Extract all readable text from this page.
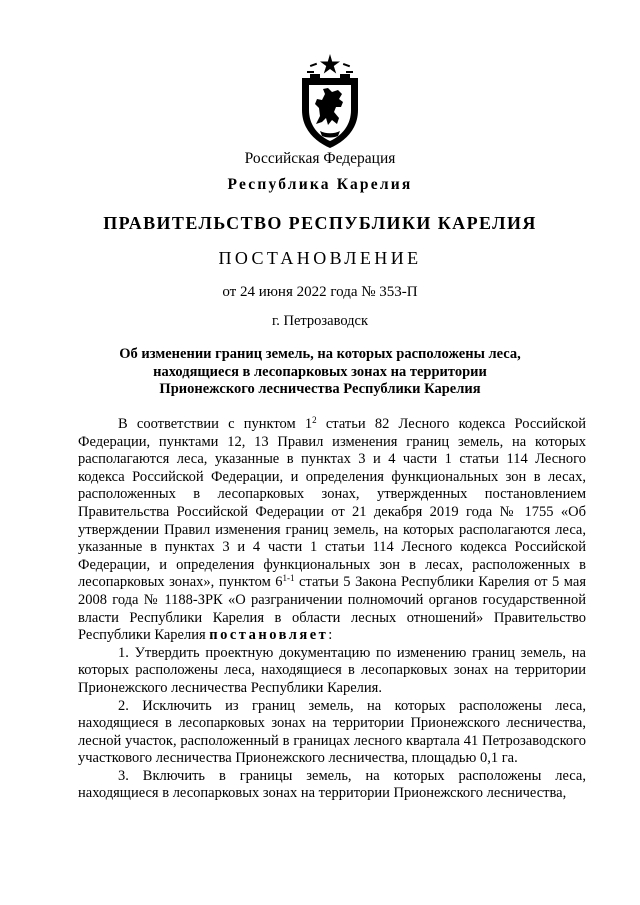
Российская Федерация
Республика Карелия
ПРАВИТЕЛЬСТВО РЕСПУБЛИКИ КАРЕЛИЯ
ПОСТАНОВЛЕНИЕ
от 24 июня 2022 года № 353-П
г. Петрозаводск
Об изменении границ земель, на которых расположены леса,
находящиеся в лесопарковых зонах на территории
Прионежского лесничества Республики Карелия

В соответствии с пунктом $1^2$ статьи 82 Лесного кодекса Российской Федерации, пунктами 12, 13 Правил изменения границ земель, на которых располагаются леса, указанные в пунктах 3 и 4 части 1 статьи 114 Лесного кодекса Российской Федерации, и определения функциональных зон в лесах, расположенных в лесопарковых зонах, утвержденных постановлением Правительства Российской Федерации от 21 декабря 2019 года № 1755 «Об утверждении Правил изменения границ земель, на которых располагаются леса, указанные в пунктах 3 и 4 части 1 статьи 114 Лесного кодекса Российской Федерации, и определения функциональных зон в лесах, расположенных в лесопарковых зонах», пунктом 6$^{1-1}$ статьи 5 Закона Республики Карелия от 5 мая 2008 года № 1188-ЗРК «О разграничении полномочий органов государственной власти Республики Карелия в области лесных отношений» Правительство Республики Карелия постановляет:

1. Утвердить проектную документацию по изменению границ земель, на которых расположены леса, находящиеся в лесопарковых зонах на территории Прионежского лесничества Республики Карелия.

2. Исключить из границ земель, на которых расположены леса, находящиеся в лесопарковых зонах на территории Прионежского лесничества, лесной участок, расположенный в границах лесного квартала 41 Петрозаводского участкового лесничества Прионежского лесничества, площадью 0,1 га.

3. Включить в границы земель, на которых расположены леса, находящиеся в лесопарковых зонах на территории Прионежского лесничества,
